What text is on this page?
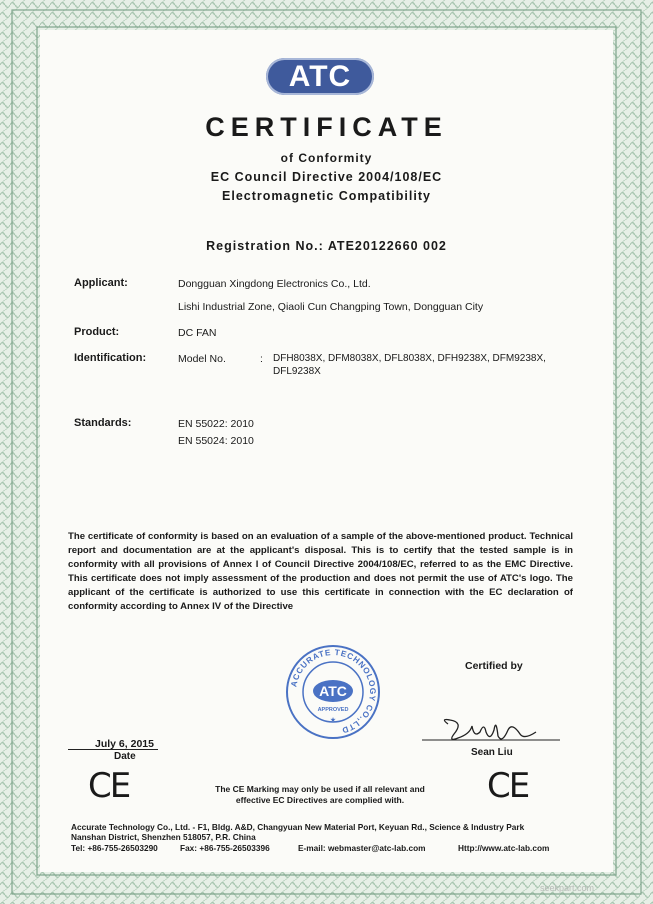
ATC
CERTIFICATE
of Conformity
EC Council Directive 2004/108/EC
Electromagnetic Compatibility
Registration No.: ATE20122660 002
Applicant:	Dongguan Xingdong Electronics Co., Ltd.
Lishi Industrial Zone, Qiaoli Cun Changping Town, Dongguan City
Product:	DC FAN
Identification:	Model No.	: DFH8038X, DFM8038X, DFL8038X, DFH9238X, DFM9238X,
DFL9238X
Standards:	EN 55022: 2010
EN 55024: 2010
The certificate of conformity is based on an evaluation of a sample of the above-mentioned product. Technical report and documentation are at the applicant's disposal. This is to certify that the tested sample is in conformity with all provisions of Annex I of Council Directive 2004/108/EC, referred to as the EMC Directive. This certificate does not imply assessment of the production and does not permit the use of ATC's logo. The applicant of the certificate is authorized to use this certificate in connection with the EC declaration of conformity according to Annex IV of the Directive
ACCURATE TECHNOLOGY CO.,LTD
ATC
APPROVED
★
Certified by
July 6, 2015
Date	Sean Liu
CE	CE
The CE Marking may only be used if all relevant and
effective EC Directives are complied with.
Accurate Technology Co., Ltd. - F1, Bldg. A&D, Changyuan New Material Port, Keyuan Rd., Science & Industry Park
Nanshan District, Shenzhen 518057, P.R. China
Tel: +86-755-26503290	Fax: +86-755-26503396	E-mail: webmaster@atc-lab.com	Http://www.atc-lab.com
seekpart.com
